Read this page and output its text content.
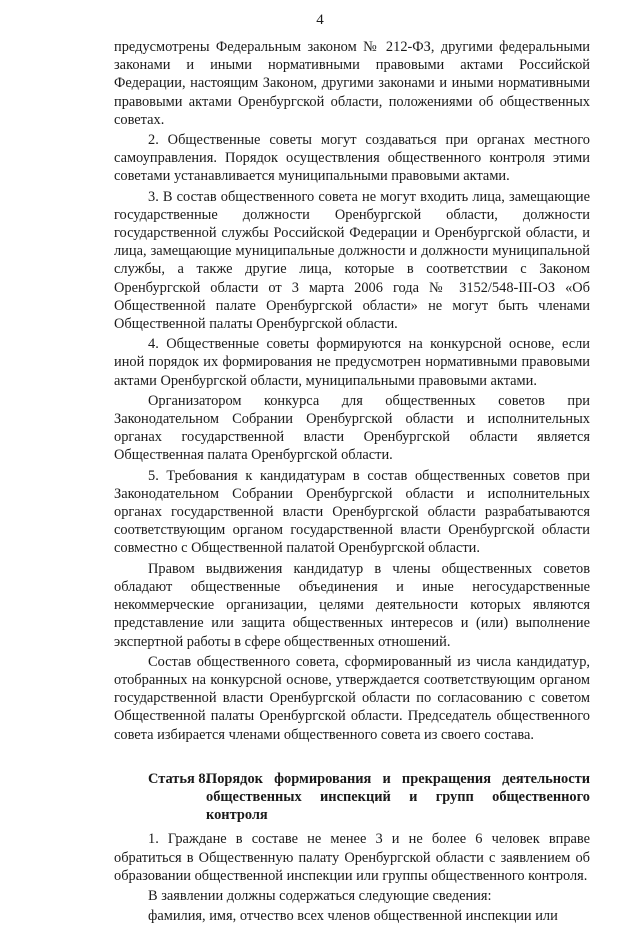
4

предусмотрены Федеральным законом № 212-ФЗ, другими федеральными законами и иными нормативными правовыми актами Российской Федерации, настоящим Законом, другими законами и иными нормативными правовыми актами Оренбургской области, положениями об общественных советах.

2. Общественные советы могут создаваться при органах местного самоуправления. Порядок осуществления общественного контроля этими советами устанавливается муниципальными правовыми актами.

3. В состав общественного совета не могут входить лица, замещающие государственные должности Оренбургской области, должности государственной службы Российской Федерации и Оренбургской области, и лица, замещающие муниципальные должности и должности муниципальной службы, а также другие лица, которые в соответствии с Законом Оренбургской области от 3 марта 2006 года № 3152/548-III-ОЗ «Об Общественной палате Оренбургской области» не могут быть членами Общественной палаты Оренбургской области.

4. Общественные советы формируются на конкурсной основе, если иной порядок их формирования не предусмотрен нормативными правовыми актами Оренбургской области, муниципальными правовыми актами.

Организатором конкурса для общественных советов при Законодательном Собрании Оренбургской области и исполнительных органах государственной власти Оренбургской области является Общественная палата Оренбургской области.

5. Требования к кандидатурам в состав общественных советов при Законодательном Собрании Оренбургской области и исполнительных органах государственной власти Оренбургской области разрабатываются соответствующим органом государственной власти Оренбургской области совместно с Общественной палатой Оренбургской области.

Правом выдвижения кандидатур в члены общественных советов обладают общественные объединения и иные негосударственные некоммерческие организации, целями деятельности которых являются представление или защита общественных интересов и (или) выполнение экспертной работы в сфере общественных отношений.

Состав общественного совета, сформированный из числа кандидатур, отобранных на конкурсной основе, утверждается соответствующим органом государственной власти Оренбургской области по согласованию с советом Общественной палаты Оренбургской области. Председатель общественного совета избирается членами общественного совета из своего состава.

Статья 8.
Порядок формирования и прекращения деятельности общественных инспекций и групп общественного контроля

1. Граждане в составе не менее 3 и не более 6 человек вправе обратиться в Общественную палату Оренбургской области с заявлением об образовании общественной инспекции или группы общественного контроля.

В заявлении должны содержаться следующие сведения:

фамилия, имя, отчество всех членов общественной инспекции или
